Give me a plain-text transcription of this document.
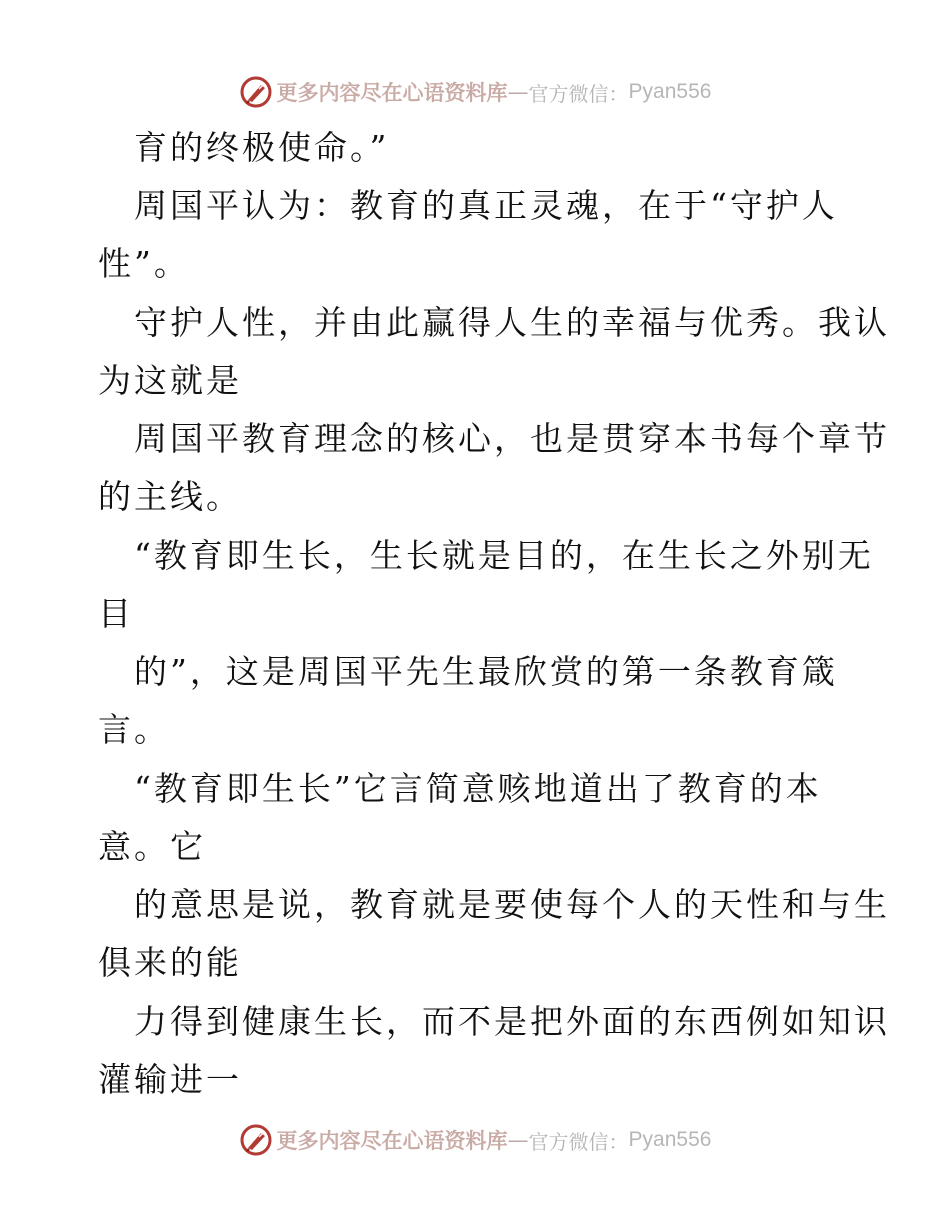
更多内容尽在心语资料库 — 官方微信： Pyan556
育的终极使命。”
周国平认为：教育的真正灵魂，在于“守护人
性”。
守护人性，并由此赢得人生的幸福与优秀。我认
为这就是
周国平教育理念的核心，也是贯穿本书每个章节
的主线。
“教育即生长，生长就是目的，在生长之外别无
目
的”，这是周国平先生最欣赏的第一条教育箴
言。
“教育即生长”它言简意赅地道出了教育的本
意。它
的意思是说，教育就是要使每个人的天性和与生
俱来的能
力得到健康生长，而不是把外面的东西例如知识
灌输进一
更多内容尽在心语资料库 — 官方微信： Pyan556
